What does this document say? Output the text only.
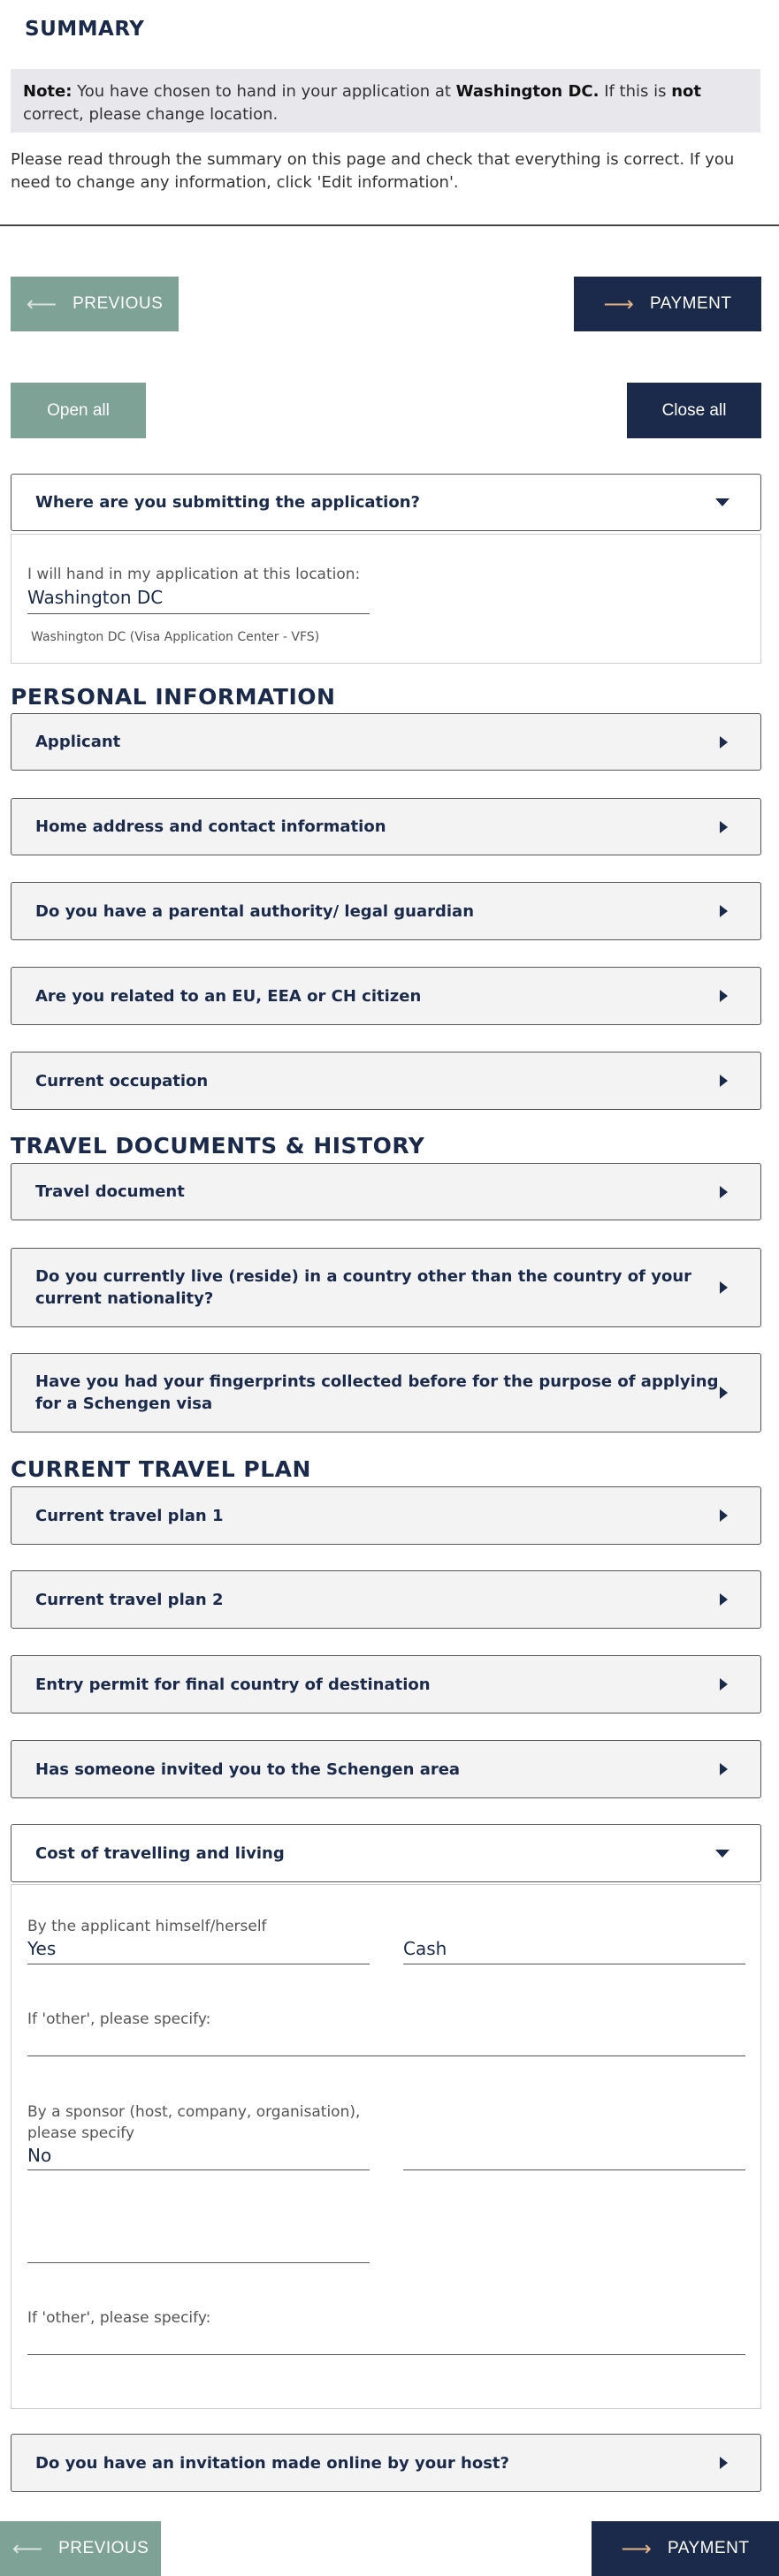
SUMMARY
Note: You have chosen to hand in your application at Washington DC. If this is not correct, please change location.
Please read through the summary on this page and check that everything is correct. If you need to change any information, click 'Edit information'.
⟵ PREVIOUS	⟶ PAYMENT
Open all	Close all
Where are you submitting the application?
I will hand in my application at this location:
Washington DC
Washington DC (Visa Application Center - VFS)
PERSONAL INFORMATION
Applicant
Home address and contact information
Do you have a parental authority/ legal guardian
Are you related to an EU, EEA or CH citizen
Current occupation
TRAVEL DOCUMENTS & HISTORY
Travel document
Do you currently live (reside) in a country other than the country of your current nationality?
Have you had your fingerprints collected before for the purpose of applying for a Schengen visa
CURRENT TRAVEL PLAN
Current travel plan 1
Current travel plan 2
Entry permit for final country of destination
Has someone invited you to the Schengen area
Cost of travelling and living
By the applicant himself/herself
Yes	Cash
If 'other', please specify:
By a sponsor (host, company, organisation), please specify
No
If 'other', please specify:
Do you have an invitation made online by your host?
⟵ PREVIOUS	⟶ PAYMENT
